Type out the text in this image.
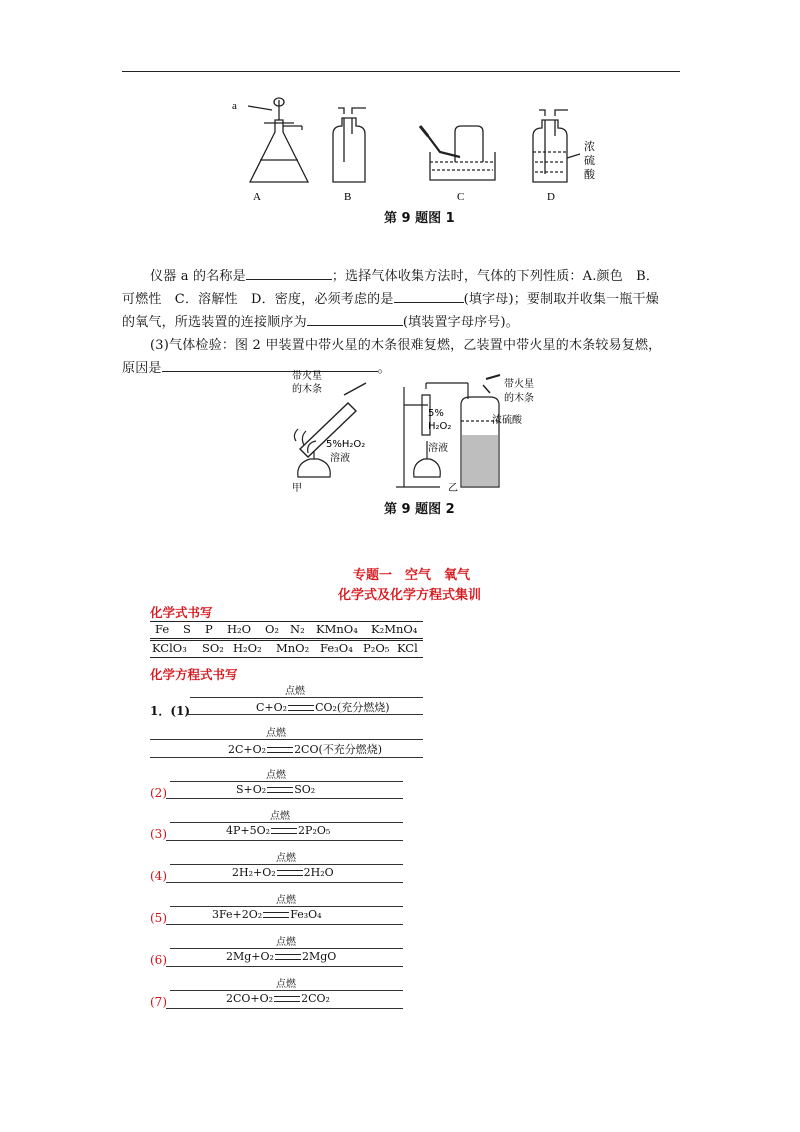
a
A	B	C	D
浓
硫
酸
第 9 题图 1
仪器 a 的名称是	；选择气体收集方法时，气体的下列性质：A.颜色　B．
可燃性　C．溶解性　D．密度，必须考虑的是	(填字母)；要制取并收集一瓶干燥
的氧气，所选装置的连接顺序为	(填装置字母序号)。
(3)气体检验：图 2 甲装置中带火星的木条很难复燃，乙装置中带火星的木条较易复燃，
原因是	。
带火星
的木条
5%H₂O₂
溶液
甲
5%
H₂O₂
溶液
带火星
的木条
浓硫酸
乙
第 9 题图 2
专题一　空气　氧气
化学式及化学方程式集训
化学式书写
Fe S P H₂O O₂ N₂ KMnO₄ K₂MnO₄
KClO₃ SO₂ H₂O₂ MnO₂ Fe₃O₄ P₂O₅ KCl
化学方程式书写
点燃
1．(1)	C+O₂	CO₂(充分燃烧)
点燃
2C+O₂	2CO(不充分燃烧)
点燃
(2)	S+O₂	SO₂
点燃
(3)	4P+5O₂	2P₂O₅
点燃
(4)	2H₂+O₂	2H₂O
点燃
(5)	3Fe+2O₂	Fe₃O₄
点燃
(6)	2Mg+O₂	2MgO
点燃
(7)	2CO+O₂	2CO₂
